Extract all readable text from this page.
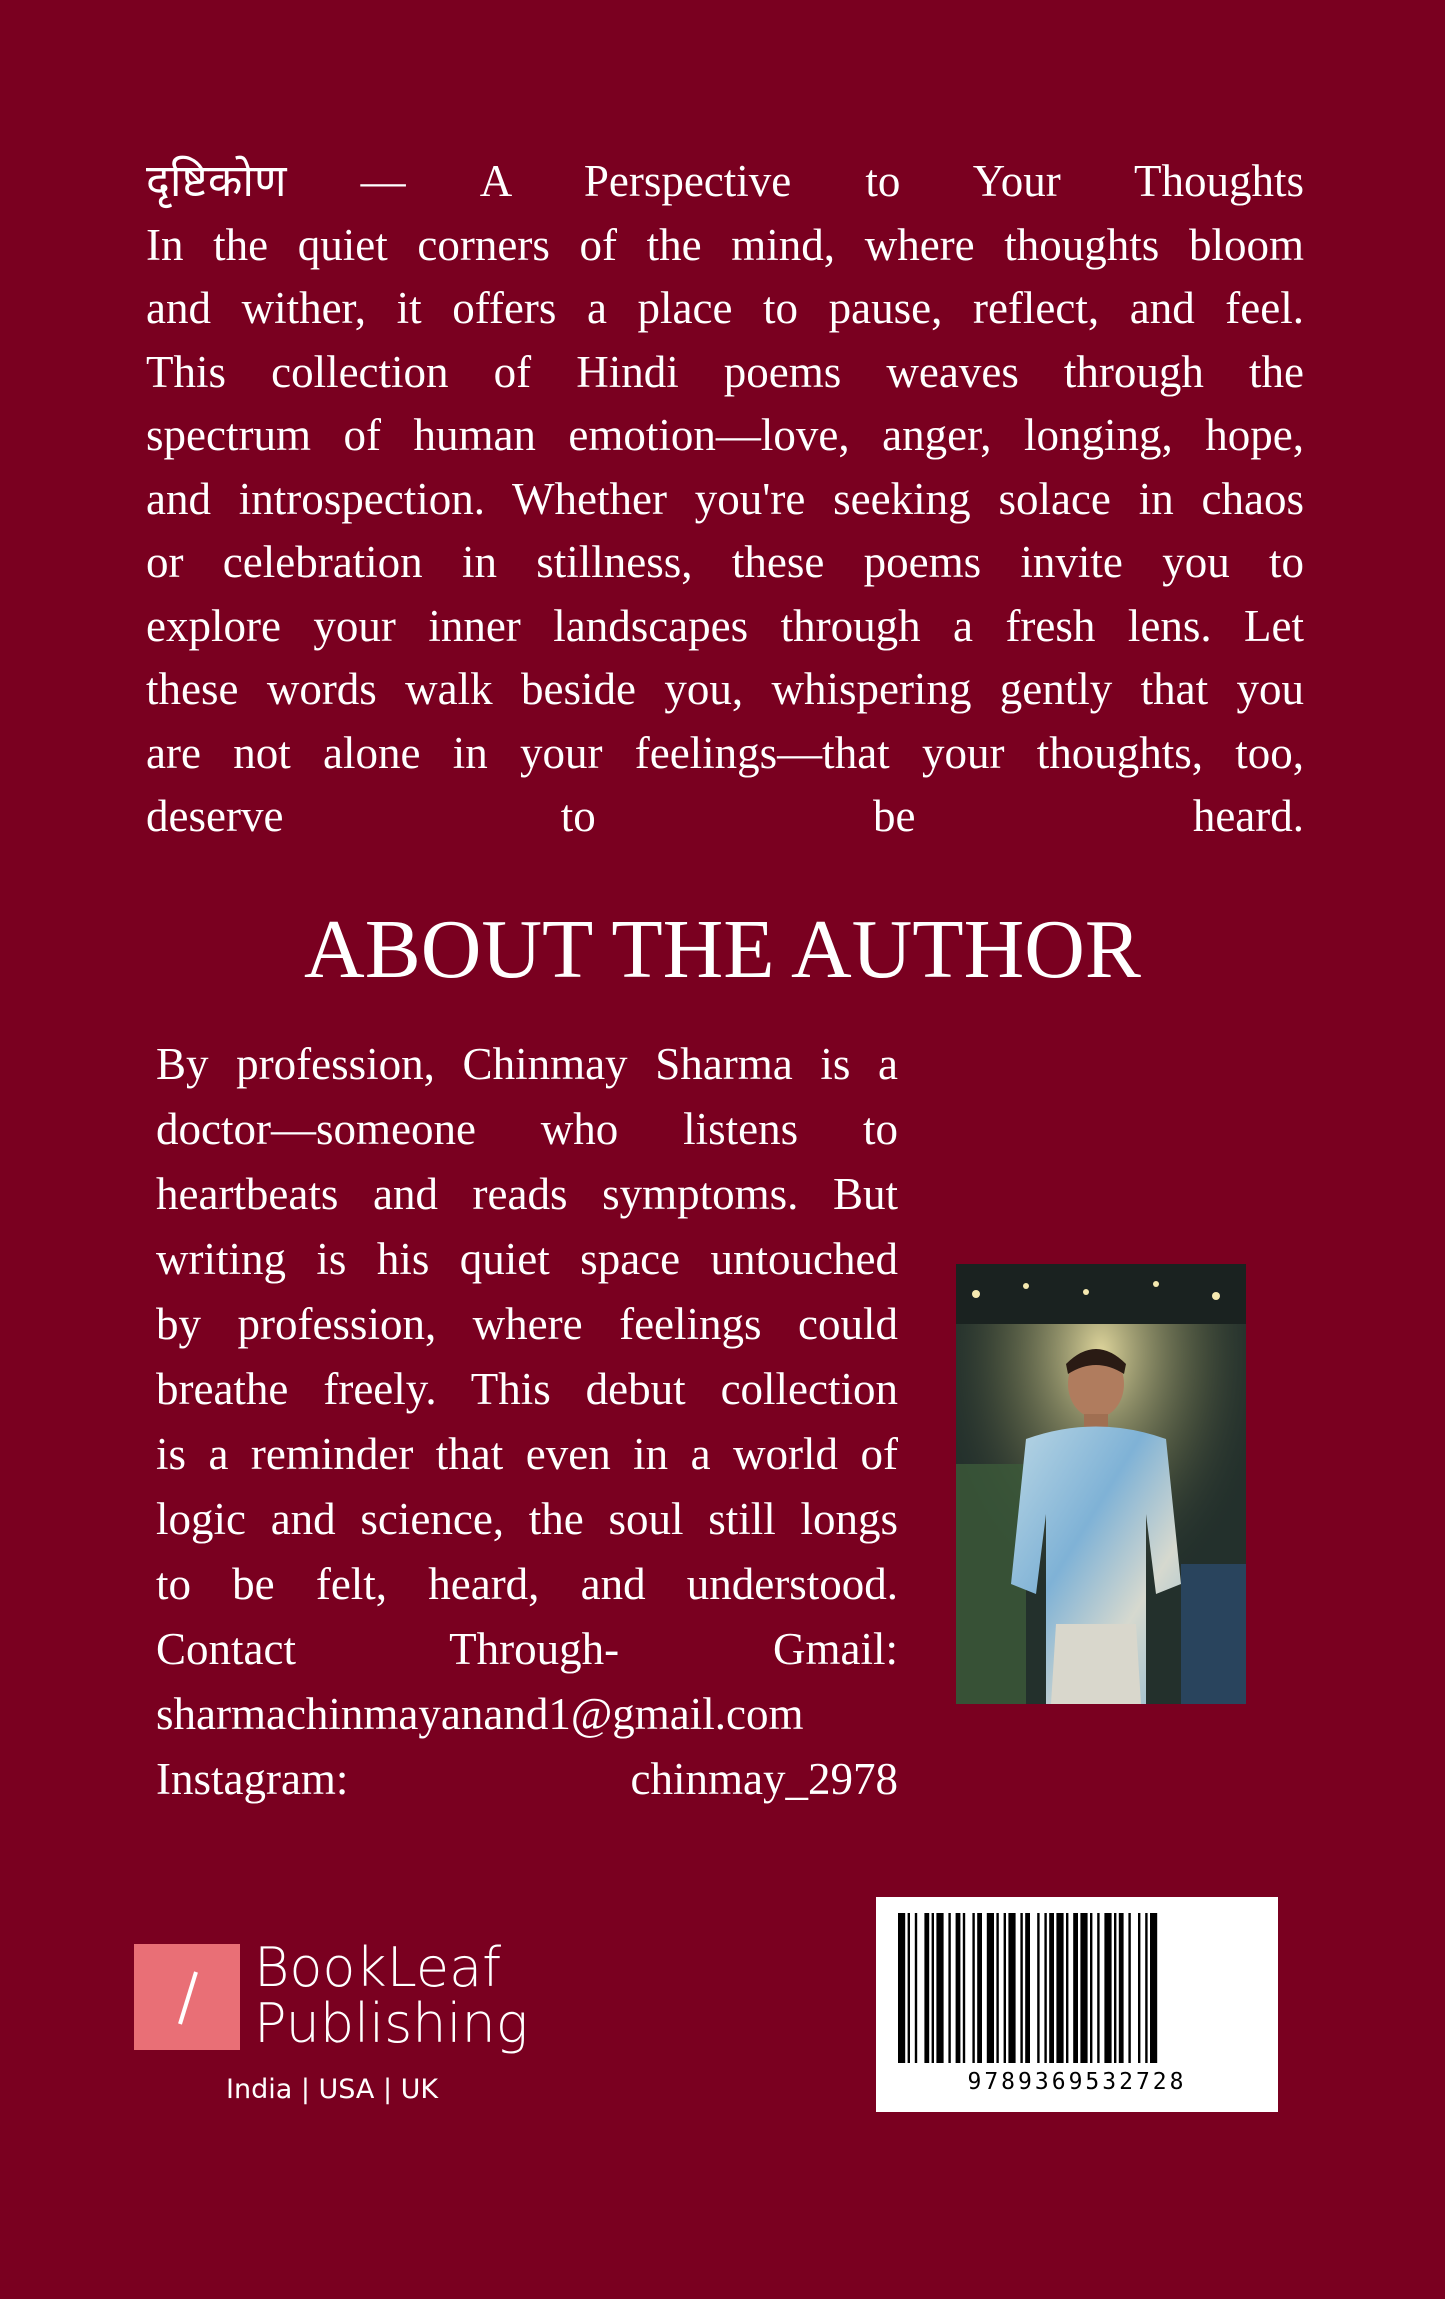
दृष्टिकोण — A Perspective to Your Thoughts
In the quiet corners of the mind, where thoughts bloom
and wither, it offers a place to pause, reflect, and feel.
This collection of Hindi poems weaves through the
spectrum of human emotion—love, anger, longing, hope,
and introspection. Whether you're seeking solace in chaos
or celebration in stillness, these poems invite you to
explore your inner landscapes through a fresh lens. Let
these words walk beside you, whispering gently that you
are not alone in your feelings—that your thoughts, too,
deserve to be heard.
ABOUT THE AUTHOR
By profession, Chinmay Sharma is a
doctor—someone who listens to
heartbeats and reads symptoms. But
writing is his quiet space untouched
by profession, where feelings could
breathe freely. This debut collection
is a reminder that even in a world of
logic and science, the soul still longs
to be felt, heard, and understood.
Contact Through- Gmail:
sharmachinmayanand1@gmail.com
Instagram: chinmay_2978
BookLeaf
Publishing
India | USA | UK	9789369532728
